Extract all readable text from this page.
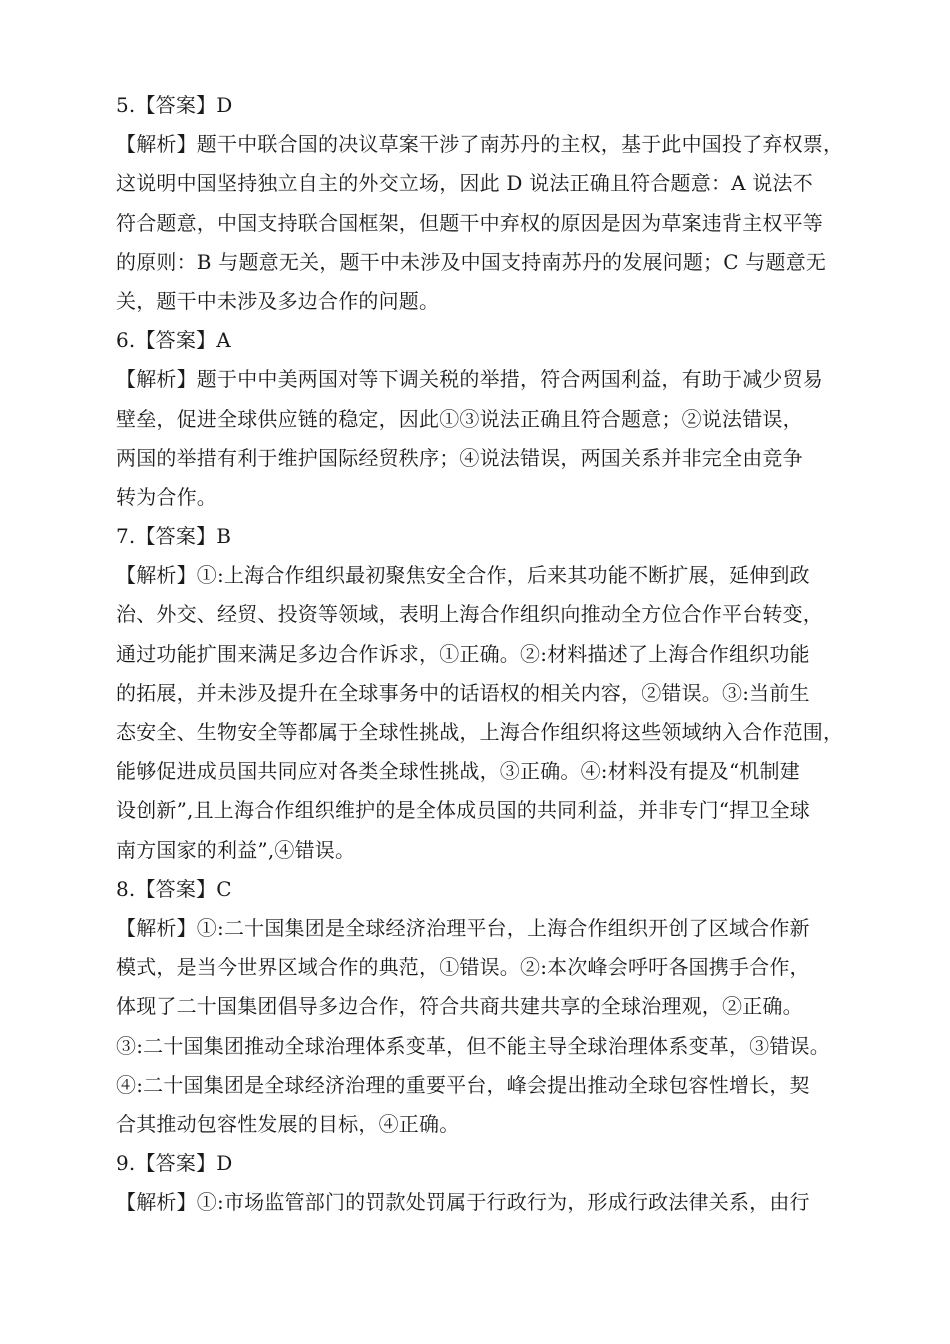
5.【答案】D
【解析】题干中联合国的决议草案干涉了南苏丹的主权，基于此中国投了弃权票，
这说明中国坚持独立自主的外交立场，因此 D 说法正确且符合题意：A 说法不
符合题意，中国支持联合国框架，但题干中弃权的原因是因为草案违背主权平等
的原则：B 与题意无关，题干中未涉及中国支持南苏丹的发展问题；C 与题意无
关，题干中未涉及多边合作的问题。
6.【答案】A
【解析】题于中中美两国对等下调关税的举措，符合两国利益，有助于减少贸易
壁垒，促进全球供应链的稳定，因此①③说法正确且符合题意；②说法错误，
两国的举措有利于维护国际经贸秩序；④说法错误，两国关系并非完全由竞争
转为合作。
7.【答案】B
【解析】①:上海合作组织最初聚焦安全合作，后来其功能不断扩展，延伸到政
治、外交、经贸、投资等领域，表明上海合作组织向推动全方位合作平台转变，
通过功能扩围来满足多边合作诉求，①正确。②:材料描述了上海合作组织功能
的拓展，并未涉及提升在全球事务中的话语权的相关内容，②错误。③:当前生
态安全、生物安全等都属于全球性挑战，上海合作组织将这些领域纳入合作范围，
能够促进成员国共同应对各类全球性挑战，③正确。④:材料没有提及“机制建
设创新”,且上海合作组织维护的是全体成员国的共同利益，并非专门“捍卫全球
南方国家的利益”,④错误。
8.【答案】C
【解析】①:二十国集团是全球经济治理平台，上海合作组织开创了区域合作新
模式，是当今世界区域合作的典范，①错误。②:本次峰会呼吁各国携手合作，
体现了二十国集团倡导多边合作，符合共商共建共享的全球治理观，②正确。
③:二十国集团推动全球治理体系变革，但不能主导全球治理体系变革，③错误。
④:二十国集团是全球经济治理的重要平台，峰会提出推动全球包容性增长，契
合其推动包容性发展的目标，④正确。
9.【答案】D
【解析】①:市场监管部门的罚款处罚属于行政行为，形成行政法律关系，由行
